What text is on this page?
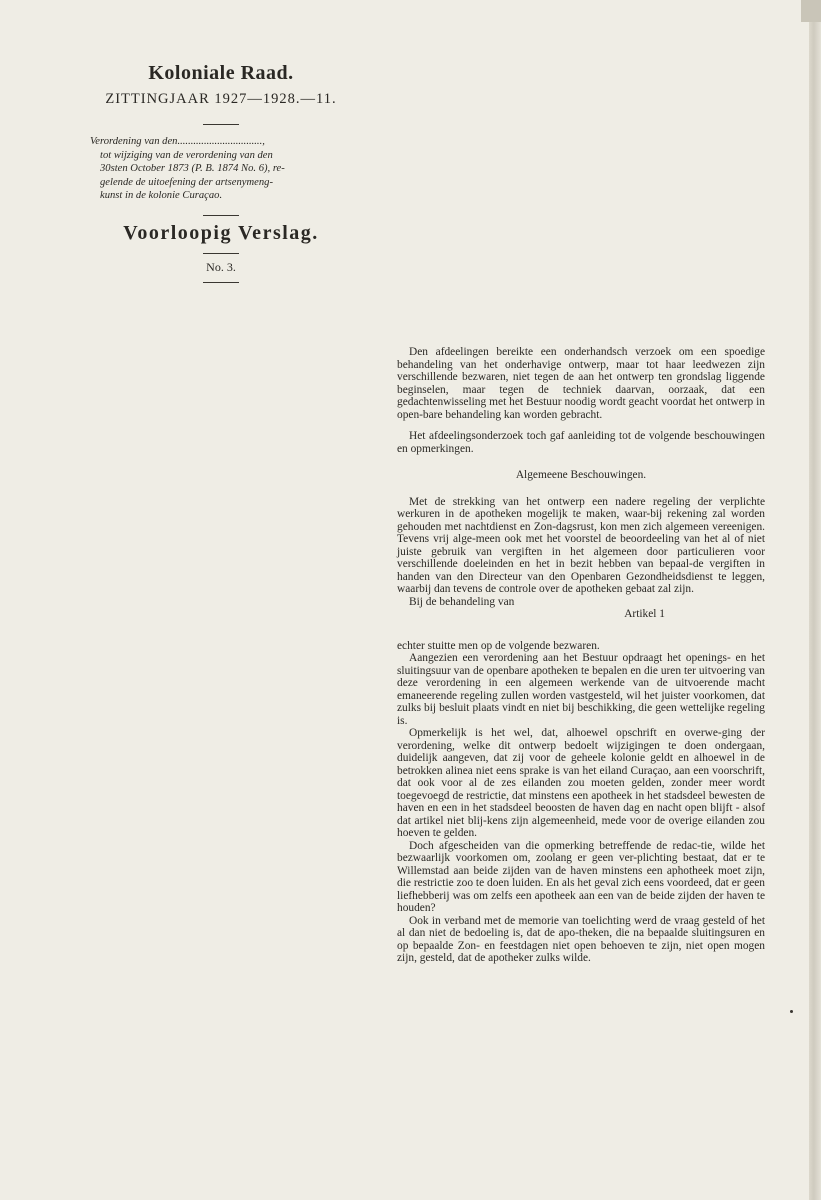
Koloniale Raad.
ZITTINGJAAR 1927—1928.—11.
Verordening van den................................,
tot wijziging van de verordening van den
30sten October 1873 (P. B. 1874 No. 6), re-
gelende de uitoefening der artsenymeng-
kunst in de kolonie Curaçao.
Voorloopig Verslag.
No. 3.

Den afdeelingen bereikte een onderhandsch verzoek om een spoedige behandeling van het onderhavige ontwerp, maar tot haar leedwezen zijn verschillende bezwaren, niet tegen de aan het ontwerp ten grondslag liggende beginselen, maar tegen de techniek daarvan, oorzaak, dat een gedachtenwisseling met het Bestuur noodig wordt geacht voordat het ontwerp in open-bare behandeling kan worden gebracht.

Het afdeelingsonderzoek toch gaf aanleiding tot de volgende beschouwingen en opmerkingen.

Algemeene Beschouwingen.

Met de strekking van het ontwerp een nadere regeling der verplichte werkuren in de apotheken mogelijk te maken, waar-bij rekening zal worden gehouden met nachtdienst en Zon-dagsrust, kon men zich algemeen vereenigen. Tevens vrij alge-meen ook met het voorstel de beoordeeling van het al of niet juiste gebruik van vergiften in het algemeen door particulieren voor verschillende doeleinden en het in bezit hebben van bepaal-de vergiften in handen van den Directeur van den Openbaren Gezondheidsdienst te leggen, waarbij dan tevens de controle over de apotheken gebaat zal zijn.

Bij de behandeling van

Artikel 1

echter stuitte men op de volgende bezwaren.

Aangezien een verordening aan het Bestuur opdraagt het openings- en het sluitingsuur van de openbare apotheken te bepalen en die uren ter uitvoering van deze verordening in een algemeen werkende van de uitvoerende macht emaneerende regeling zullen worden vastgesteld, wil het juister voorkomen, dat zulks bij besluit plaats vindt en niet bij beschikking, die geen wettelijke regeling is.

Opmerkelijk is het wel, dat, alhoewel opschrift en overwe-ging der verordening, welke dit ontwerp bedoelt wijzigingen te doen ondergaan, duidelijk aangeven, dat zij voor de geheele kolonie geldt en alhoewel in de betrokken alinea niet eens sprake is van het eiland Curaçao, aan een voorschrift, dat ook voor al de zes eilanden zou moeten gelden, zonder meer wordt toegevoegd de restrictie, dat minstens een apotheek in het stadsdeel bewesten de haven en een in het stadsdeel beoosten de haven dag en nacht open blijft - alsof dat artikel niet blij-kens zijn algemeenheid, mede voor de overige eilanden zou hoeven te gelden.

Doch afgescheiden van die opmerking betreffende de redac-tie, wilde het bezwaarlijk voorkomen om, zoolang er geen ver-plichting bestaat, dat er te Willemstad aan beide zijden van de haven minstens een aphotheek moet zijn, die restrictie zoo te doen luiden. En als het geval zich eens voordeed, dat er geen liefhebberij was om zelfs een apotheek aan een van de beide zijden der haven te houden?

Ook in verband met de memorie van toelichting werd de vraag gesteld of het al dan niet de bedoeling is, dat de apo-theken, die na bepaalde sluitingsuren en op bepaalde Zon- en feestdagen niet open behoeven te zijn, niet open mogen zijn, gesteld, dat de apotheker zulks wilde.
